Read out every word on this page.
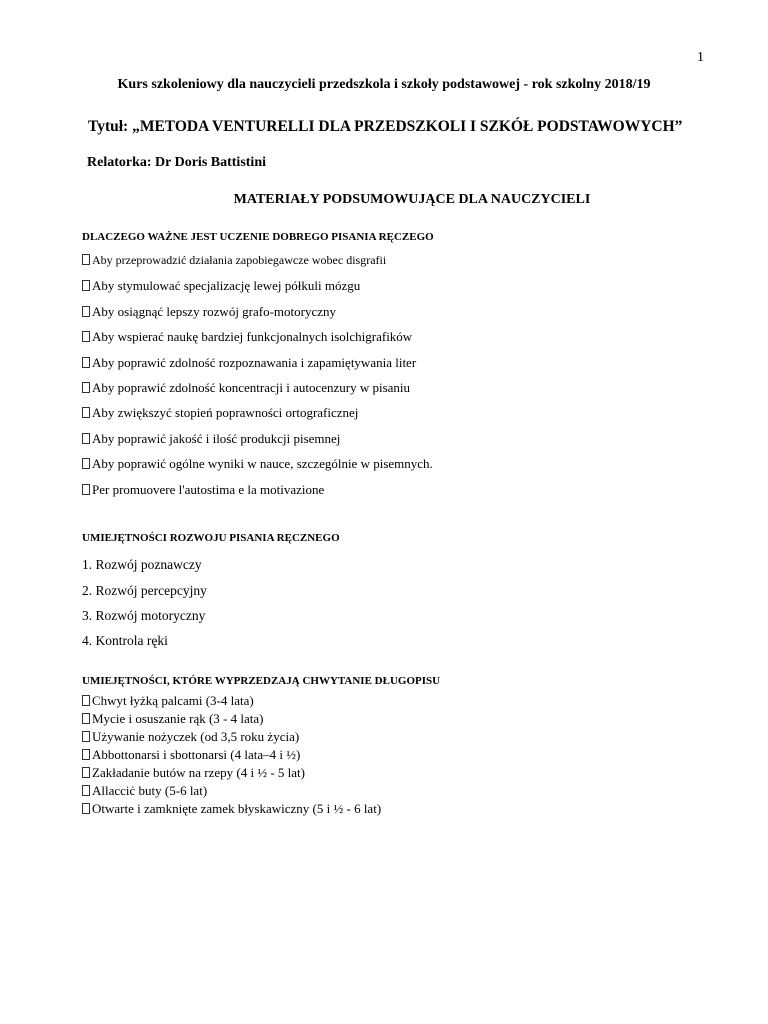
1
Kurs szkoleniowy dla nauczycieli przedszkola i szkoły podstawowej - rok szkolny 2018/19
Tytuł: „METODA VENTURELLI DLA PRZEDSZKOLI I SZKÓŁ PODSTAWOWYCH”
Relatorka: Dr Doris Battistini
MATERIAŁY PODSUMOWUJĄCE DLA NAUCZYCIELI
DLACZEGO WAŻNE JEST UCZENIE DOBREGO PISANIA RĘCZEGO
Aby przeprowadzić działania zapobiegawcze wobec disgrafii
Aby stymulować specjalizację lewej półkuli mózgu
Aby osiągnąć lepszy rozwój grafo-motoryczny
Aby wspierać naukę bardziej funkcjonalnych isolchigrafików
Aby poprawić zdolność rozpoznawania i zapamiętywania liter
Aby poprawić zdolność koncentracji i autocenzury w pisaniu
Aby zwiększyć stopień poprawności ortograficznej
Aby poprawić jakość i ilość produkcji pisemnej
Aby poprawić ogólne wyniki w nauce, szczególnie w pisemnych.
Per promuovere l'autostima e la motivazione
UMIEJĘTNOŚCI ROZWOJU PISANIA RĘCZNEGO
1. Rozwój poznawczy
2. Rozwój percepcyjny
3. Rozwój motoryczny
4. Kontrola ręki
UMIEJĘTNOŚCI, KTÓRE WYPRZEDZAJĄ CHWYTANIE DŁUGOPISU
Chwyt łyżką palcami (3-4 lata)
Mycie i osuszanie rąk (3 - 4 lata)
Używanie nożyczek (od 3,5 roku życia)
Abbottonarsi i sbottonarsi (4 lata–4 i ½)
Zakładanie butów na rzepy (4 i ½ - 5 lat)
Allacciċ buty (5-6 lat)
Otwarte i zamknięte zamek błyskawiczny (5 i ½ - 6 lat)
